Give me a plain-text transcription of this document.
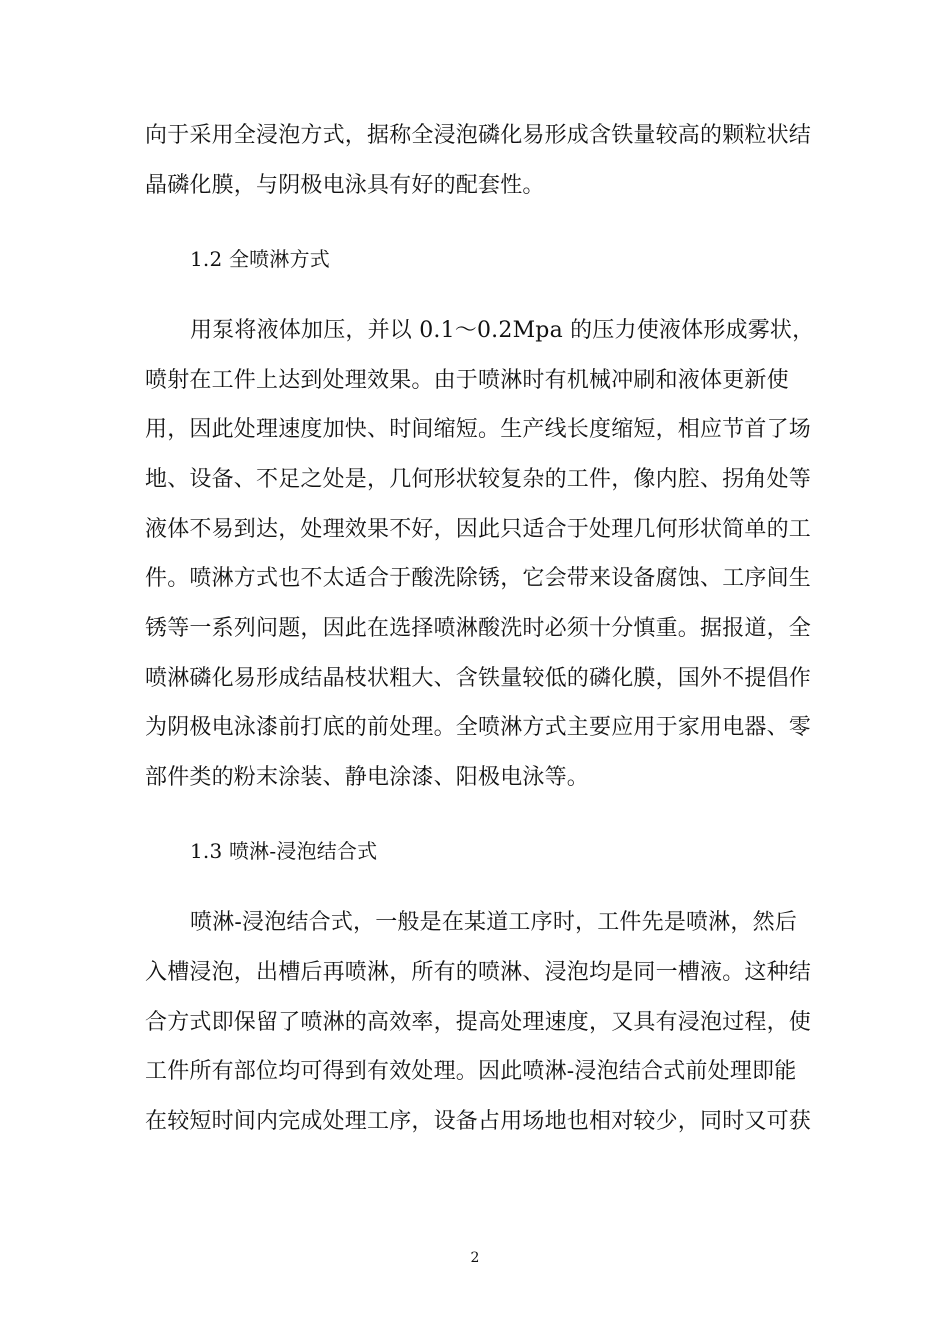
向于采用全浸泡方式，据称全浸泡磷化易形成含铁量较高的颗粒状结
晶磷化膜，与阴极电泳具有好的配套性。
1.2 全喷淋方式
用泵将液体加压，并以 0.1～0.2Mpa 的压力使液体形成雾状，
喷射在工件上达到处理效果。由于喷淋时有机械冲刷和液体更新使
用，因此处理速度加快、时间缩短。生产线长度缩短，相应节首了场
地、设备、不足之处是，几何形状较复杂的工件，像内腔、拐角处等
液体不易到达，处理效果不好，因此只适合于处理几何形状简单的工
件。喷淋方式也不太适合于酸洗除锈，它会带来设备腐蚀、工序间生
锈等一系列问题，因此在选择喷淋酸洗时必须十分慎重。据报道，全
喷淋磷化易形成结晶枝状粗大、含铁量较低的磷化膜，国外不提倡作
为阴极电泳漆前打底的前处理。全喷淋方式主要应用于家用电器、零
部件类的粉末涂装、静电涂漆、阳极电泳等。
1.3 喷淋-浸泡结合式
喷淋-浸泡结合式，一般是在某道工序时，工件先是喷淋，然后
入槽浸泡，出槽后再喷淋，所有的喷淋、浸泡均是同一槽液。这种结
合方式即保留了喷淋的高效率，提高处理速度，又具有浸泡过程，使
工件所有部位均可得到有效处理。因此喷淋-浸泡结合式前处理即能
在较短时间内完成处理工序，设备占用场地也相对较少，同时又可获
2
